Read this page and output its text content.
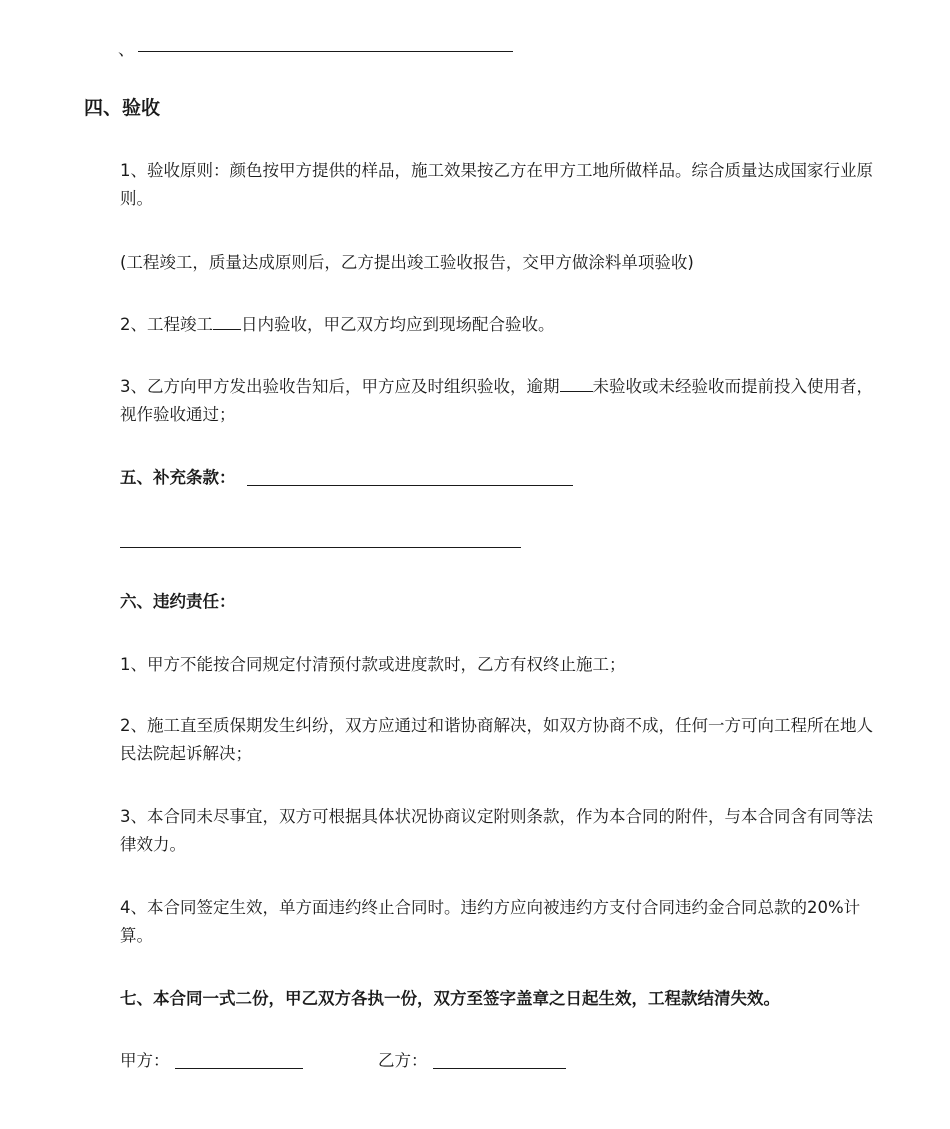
、
四、验收
1、验收原则：颜色按甲方提供的样品，施工效果按乙方在甲方工地所做样品。综合质量达成国家行业原则。
(工程竣工，质量达成原则后，乙方提出竣工验收报告，交甲方做涂料单项验收)
2、工程竣工 日内验收，甲乙双方均应到现场配合验收。
3、乙方向甲方发出验收告知后，甲方应及时组织验收，逾期 未验收或未经验收而提前投入使用者，视作验收通过；
五、补充条款：
六、违约责任：
1、甲方不能按合同规定付清预付款或进度款时，乙方有权终止施工；
2、施工直至质保期发生纠纷，双方应通过和谐协商解决，如双方协商不成，任何一方可向工程所在地人民法院起诉解决；
3、本合同未尽事宜，双方可根据具体状况协商议定附则条款，作为本合同的附件，与本合同含有同等法律效力。
4、本合同签定生效，单方面违约终止合同时。违约方应向被违约方支付合同违约金合同总款的20%计算。
七、本合同一式二份，甲乙双方各执一份，双方至签字盖章之日起生效，工程款结清失效。
甲方：	乙方：
